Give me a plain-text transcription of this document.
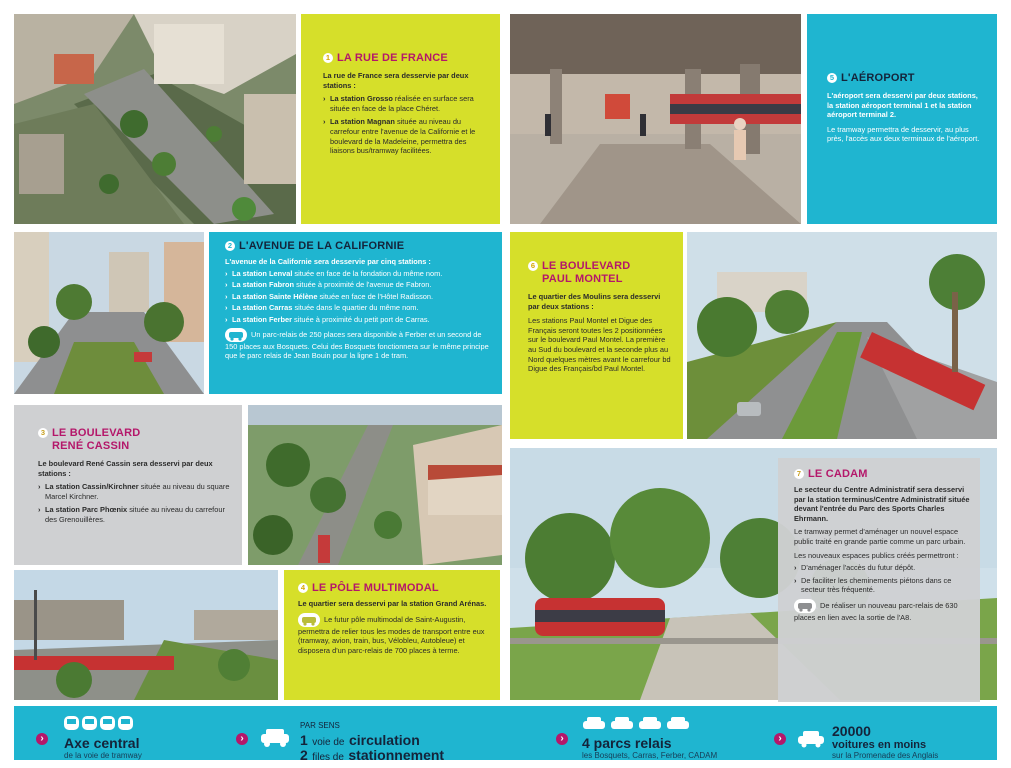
1 LA RUE DE FRANCE
La rue de France sera desservie par deux stations :
› La station Grosso réalisée en surface sera située en face de la place Chéret.
› La station Magnan située au niveau du carrefour entre l'avenue de la Californie et le boulevard de la Madeleine, permettra des liaisons bus/tramway facilitées.
5 L'AÉROPORT
L'aéroport sera desservi par deux stations, la station aéroport terminal 1 et la station aéroport terminal 2.
Le tramway permettra de desservir, au plus près, l'accès aux deux terminaux de l'aéroport.
2 L'AVENUE DE LA CALIFORNIE
L'avenue de la Californie sera desservie par cinq stations :
› La station Lenval située en face de la fondation du même nom.
› La station Fabron située à proximité de l'avenue de Fabron.
› La station Sainte Hélène située en face de l'Hôtel Radisson.
› La station Carras située dans le quartier du même nom.
› La station Ferber située à proximité du petit port de Carras.
Un parc-relais de 250 places sera disponible à Ferber et un second de 150 places aux Bosquets. Celui des Bosquets fonctionnera sur le même principe que le parc relais de Jean Bouin pour la ligne 1 de tram.
6 LE BOULEVARD
PAUL MONTEL
Le quartier des Moulins sera desservi par deux stations :
Les stations Paul Montel et Digue des Français seront toutes les 2 positionnées sur le boulevard Paul Montel. La première au Sud du boulevard et la seconde plus au Nord quelques mètres avant le carrefour bd Digue des Français/bd Paul Montel.
3 LE BOULEVARD
RENÉ CASSIN
Le boulevard René Cassin sera desservi par deux stations :
› La station Cassin/Kirchner située au niveau du square Marcel Kirchner.
› La station Parc Phœnix située au niveau du carrefour des Grenouillères.
7 LE CADAM
Le secteur du Centre Administratif sera desservi par la station terminus/Centre Administratif située devant l'entrée du Parc des Sports Charles Ehrmann.
Le tramway permet d'aménager un nouvel espace public traité en grande partie comme un parc urbain.
Les nouveaux espaces publics créés permettront :
› D'aménager l'accès du futur dépôt.
› De faciliter les cheminements piétons dans ce secteur très fréquenté.
De réaliser un nouveau parc-relais de 630 places en lien avec la sortie de l'A8.
4 LE PÔLE MULTIMODAL
Le quartier sera desservi par la station Grand Arénas.
Le futur pôle multimodal de Saint-Augustin, permettra de relier tous les modes de transport entre eux (tramway, avion, train, bus, Vélobleu, Autobleue) et disposera d'un parc-relais de 700 places à terme.
›	Axe central
de la voie de tramway
›
PAR SENS
1 voie de circulation
2 files de stationnement
›	4 parcs relais
les Bosquets, Carras, Ferber, CADAM
›	20000
voitures en moins
sur la Promenade des Anglais
